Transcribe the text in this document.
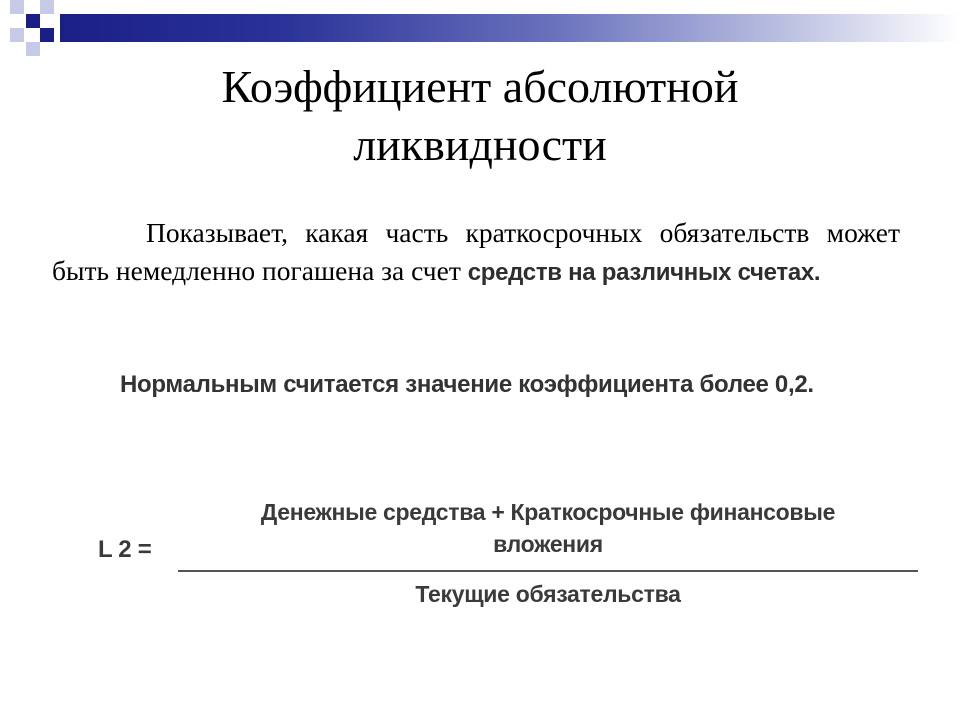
Коэффициент абсолютной
ликвидности

Показывает, какая часть краткосрочных обязательств может быть немедленно погашена за счет средств на различных счетах.

Нормальным считается значение коэффициента более 0,2.

L 2 =
Денежные средства + Краткосрочные финансовые
вложения
Текущие обязательства
